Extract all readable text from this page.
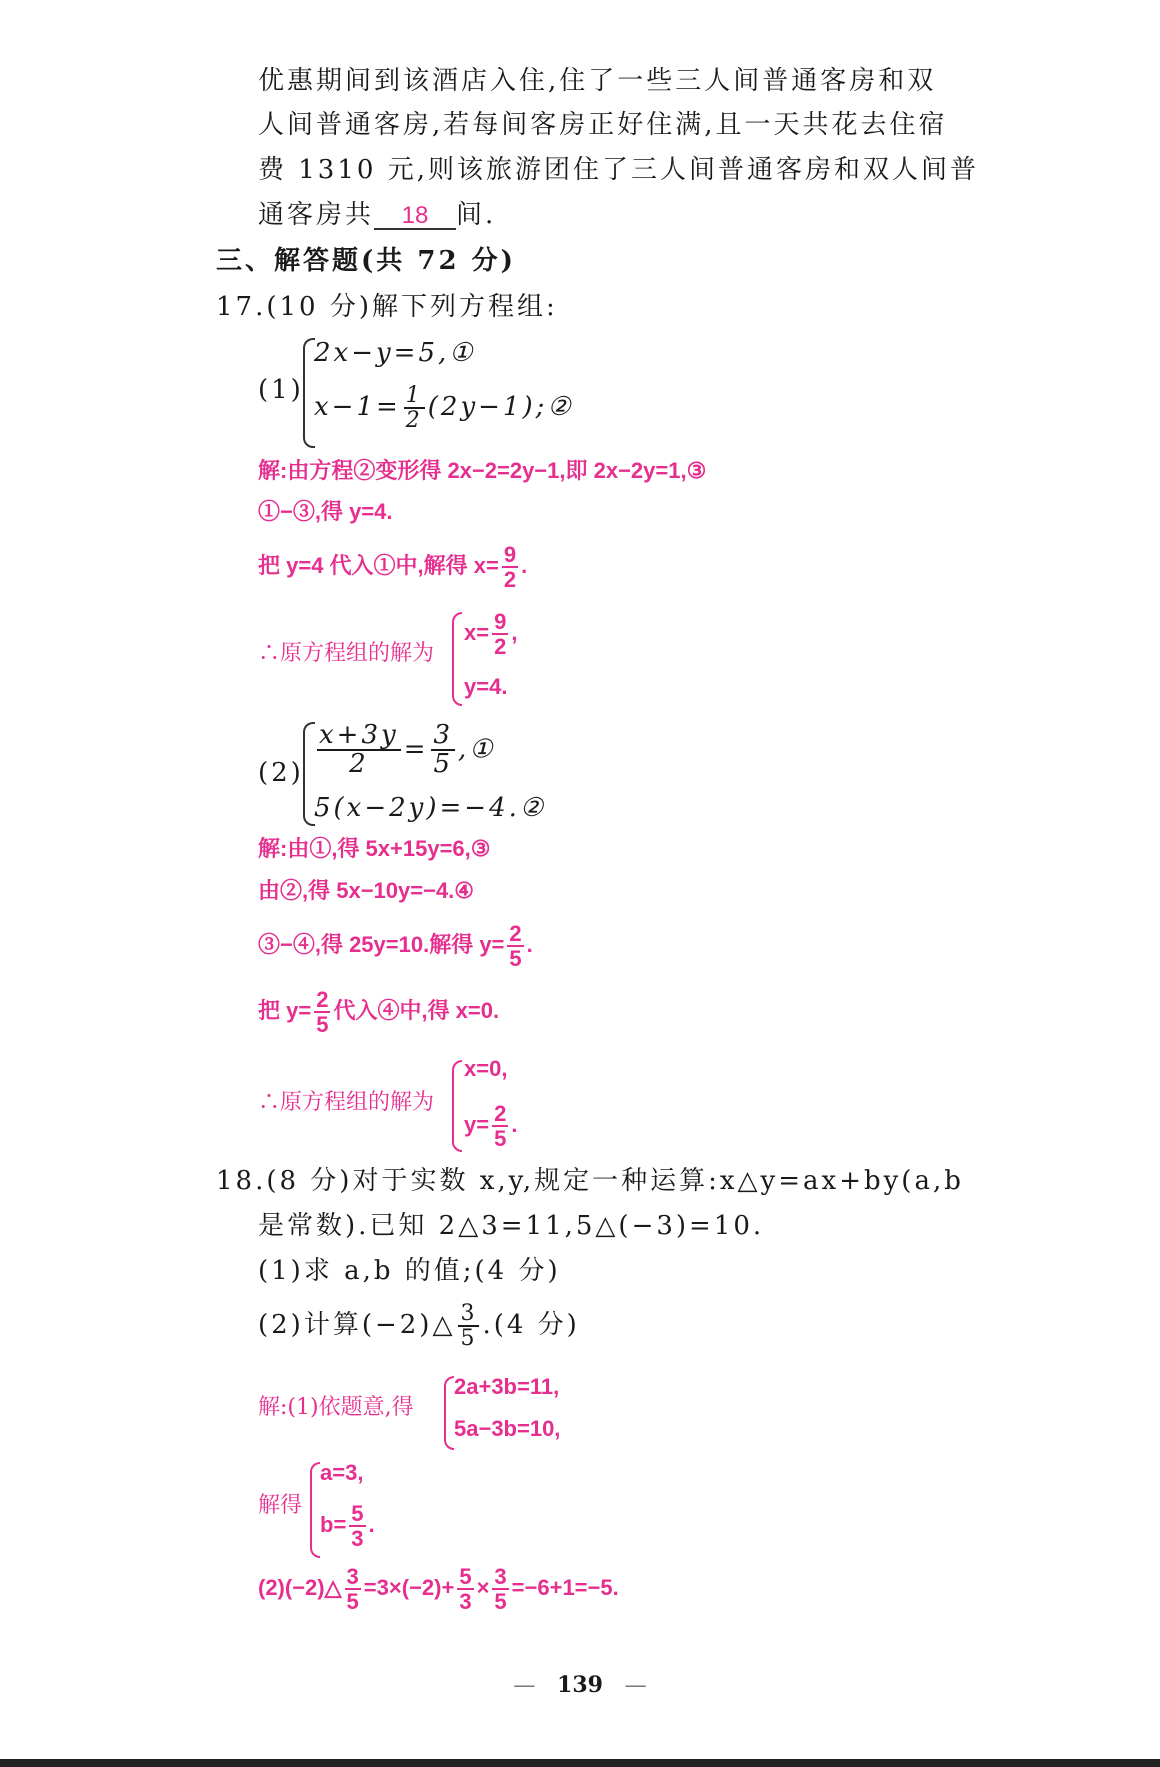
优惠期间到该酒店入住,住了一些三人间普通客房和双
人间普通客房,若每间客房正好住满,且一天共花去住宿
费 1310 元,则该旅游团住了三人间普通客房和双人间普
通客房共 18 间.
三、解答题(共 72 分)
17.(10 分)解下列方程组:
(1)
2x−y=5,①
$x-1= \frac{1}{2}$ (2y−1);②
解:由方程②变形得 2x−2=2y−1,即 2x−2y=1,③
①−③,得 y=4.
把 y=4 代入①中,解得 $x= \frac{9}{2}$ .
∴原方程组的解为
$x= \frac{9}{2}$ ,
y=4.
$(2) \frac{x+3y}{2} = \frac{3}{5}$ ,①
5(x−2y)=−4.②
解:由①,得 5x+15y=6,③
由②,得 5x−10y=−4.④
③−④,得 25y=10.解得 $y= \frac{2}{5}$ .
把 $y= \frac{2}{5}$ 代入④中,得 x=0.
∴原方程组的解为
x=0,
$y= \frac{2}{5}$ .
18.(8 分)对于实数 x,y,规定一种运算:x△y=ax+by(a,b
是常数).已知 2△3=11,5△(−3)=10.
(1)求 a,b 的值;(4 分)
(2)计算(−2)△ $\frac{3}{5} .(4$ 分)
解:(1)依题意,得
2a+3b=11,
5a−3b=10,
解得
a=3,
$b= \frac{5}{3}$ .
(2)(−2)△ $\frac{3}{5} =3\times(-2)+ \frac{5}{3} \times \frac{3}{5} =-6+1=-5$.
— 139 —
